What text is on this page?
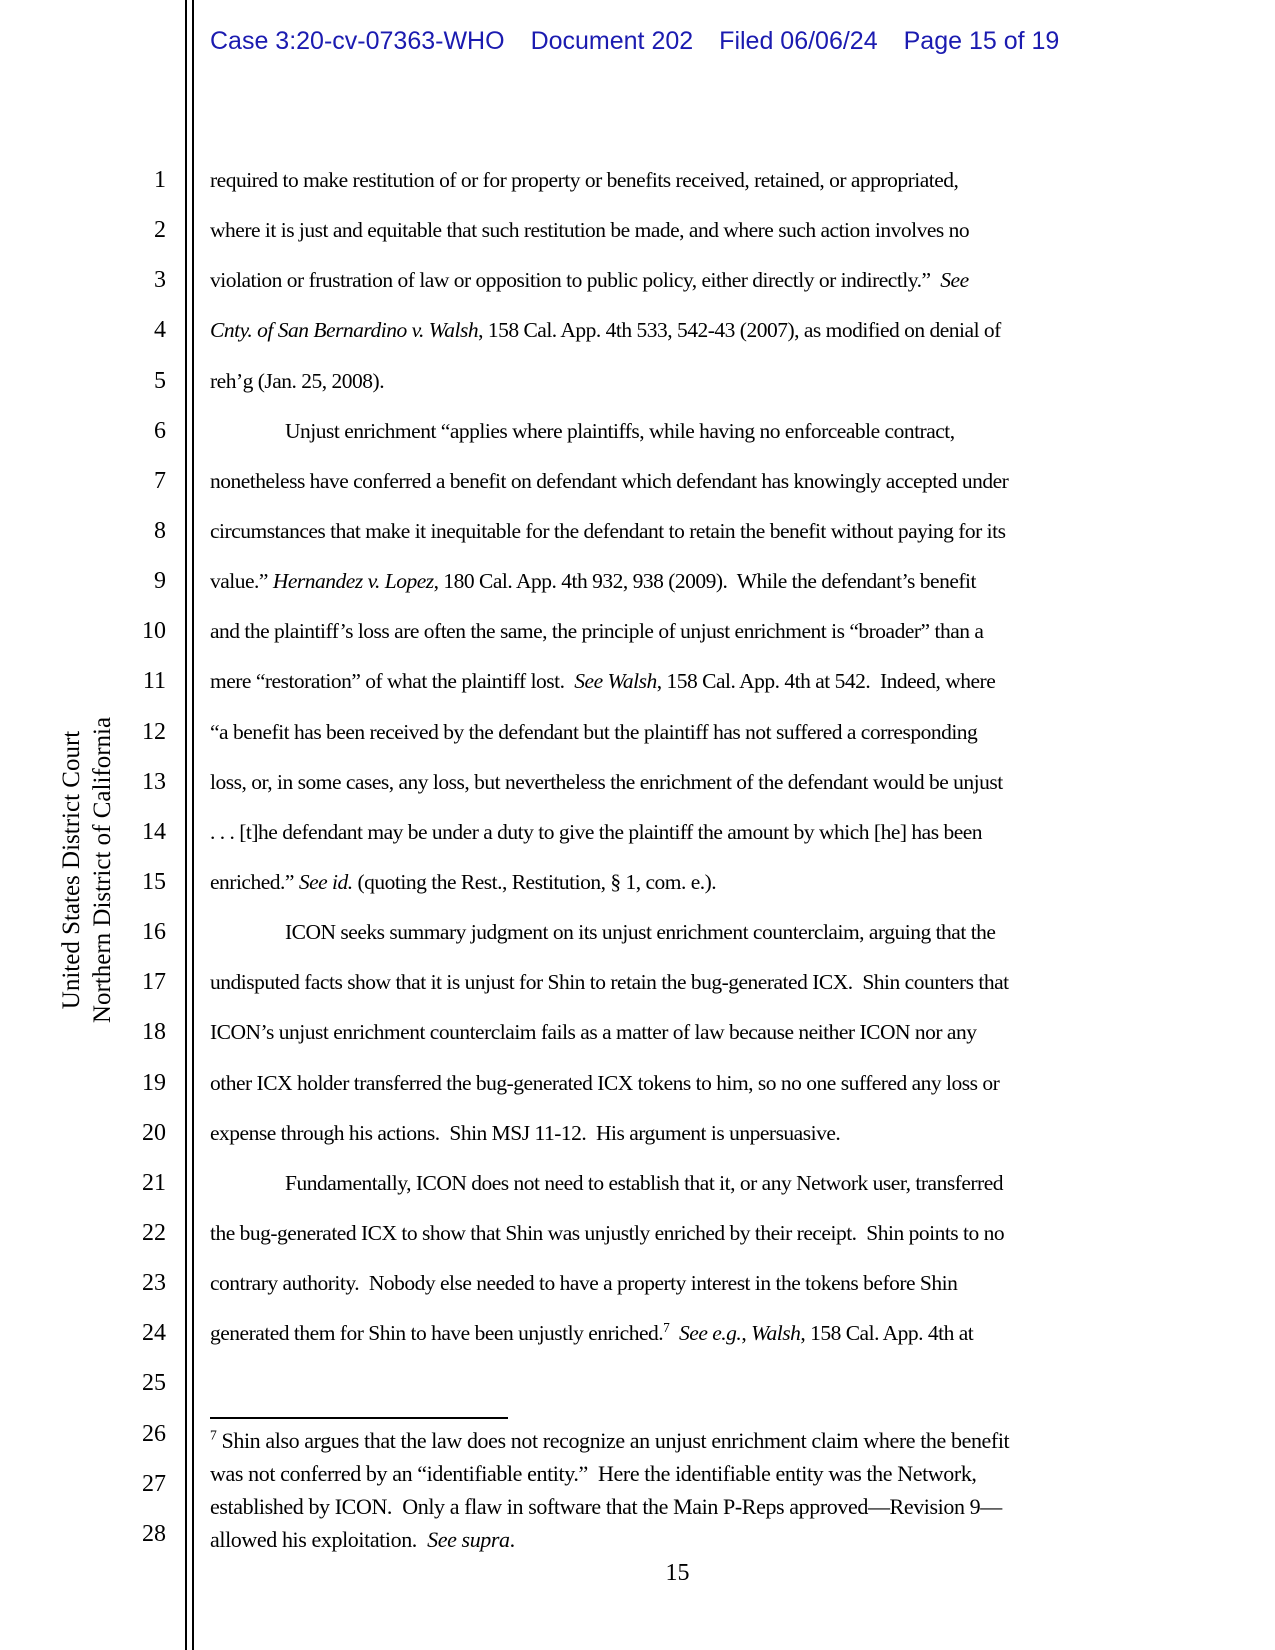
Case 3:20-cv-07363-WHO Document 202 Filed 06/06/24 Page 15 of 19
United States District Court Northern District of California
1
2
3
4
5
6
7
8
9
10
11
12
13
14
15
16
17
18
19
20
21
22
23
24
25
26
27
28
required to make restitution of or for property or benefits received, retained, or appropriated,
where it is just and equitable that such restitution be made, and where such action involves no
violation or frustration of law or opposition to public policy, either directly or indirectly.”  See
Cnty. of San Bernardino v. Walsh, 158 Cal. App. 4th 533, 542-43 (2007), as modified on denial of
reh’g (Jan. 25, 2008).
Unjust enrichment “applies where plaintiffs, while having no enforceable contract,
nonetheless have conferred a benefit on defendant which defendant has knowingly accepted under
circumstances that make it inequitable for the defendant to retain the benefit without paying for its
value.” Hernandez v. Lopez, 180 Cal. App. 4th 932, 938 (2009).  While the defendant’s benefit
and the plaintiff’s loss are often the same, the principle of unjust enrichment is “broader” than a
mere “restoration” of what the plaintiff lost.  See Walsh, 158 Cal. App. 4th at 542.  Indeed, where
“a benefit has been received by the defendant but the plaintiff has not suffered a corresponding
loss, or, in some cases, any loss, but nevertheless the enrichment of the defendant would be unjust
. . . [t]he defendant may be under a duty to give the plaintiff the amount by which [he] has been
enriched.” See id. (quoting the Rest., Restitution, § 1, com. e.).
ICON seeks summary judgment on its unjust enrichment counterclaim, arguing that the
undisputed facts show that it is unjust for Shin to retain the bug-generated ICX.  Shin counters that
ICON’s unjust enrichment counterclaim fails as a matter of law because neither ICON nor any
other ICX holder transferred the bug-generated ICX tokens to him, so no one suffered any loss or
expense through his actions.  Shin MSJ 11-12.  His argument is unpersuasive.
Fundamentally, ICON does not need to establish that it, or any Network user, transferred
the bug-generated ICX to show that Shin was unjustly enriched by their receipt.  Shin points to no
contrary authority.  Nobody else needed to have a property interest in the tokens before Shin
generated them for Shin to have been unjustly enriched.$^7$ See e.g., Walsh, 158 Cal. App. 4th at
$^7$ Shin also argues that the law does not recognize an unjust enrichment claim where the benefit
was not conferred by an “identifiable entity.”  Here the identifiable entity was the Network,
established by ICON.  Only a flaw in software that the Main P-Reps approved—Revision 9—
allowed his exploitation.  See supra.
15
